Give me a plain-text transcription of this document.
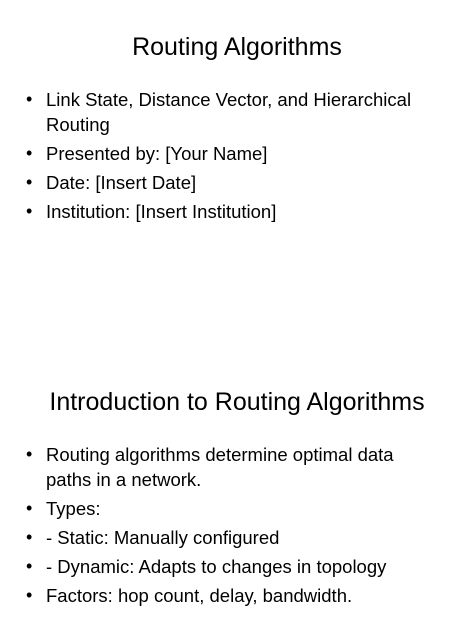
Routing Algorithms
• Link State, Distance Vector, and Hierarchical Routing
• Presented by: [Your Name]
• Date: [Insert Date]
• Institution: [Insert Institution]
Introduction to Routing Algorithms
• Routing algorithms determine optimal data paths in a network.
• Types:
• - Static: Manually configured
• - Dynamic: Adapts to changes in topology
• Factors: hop count, delay, bandwidth.
